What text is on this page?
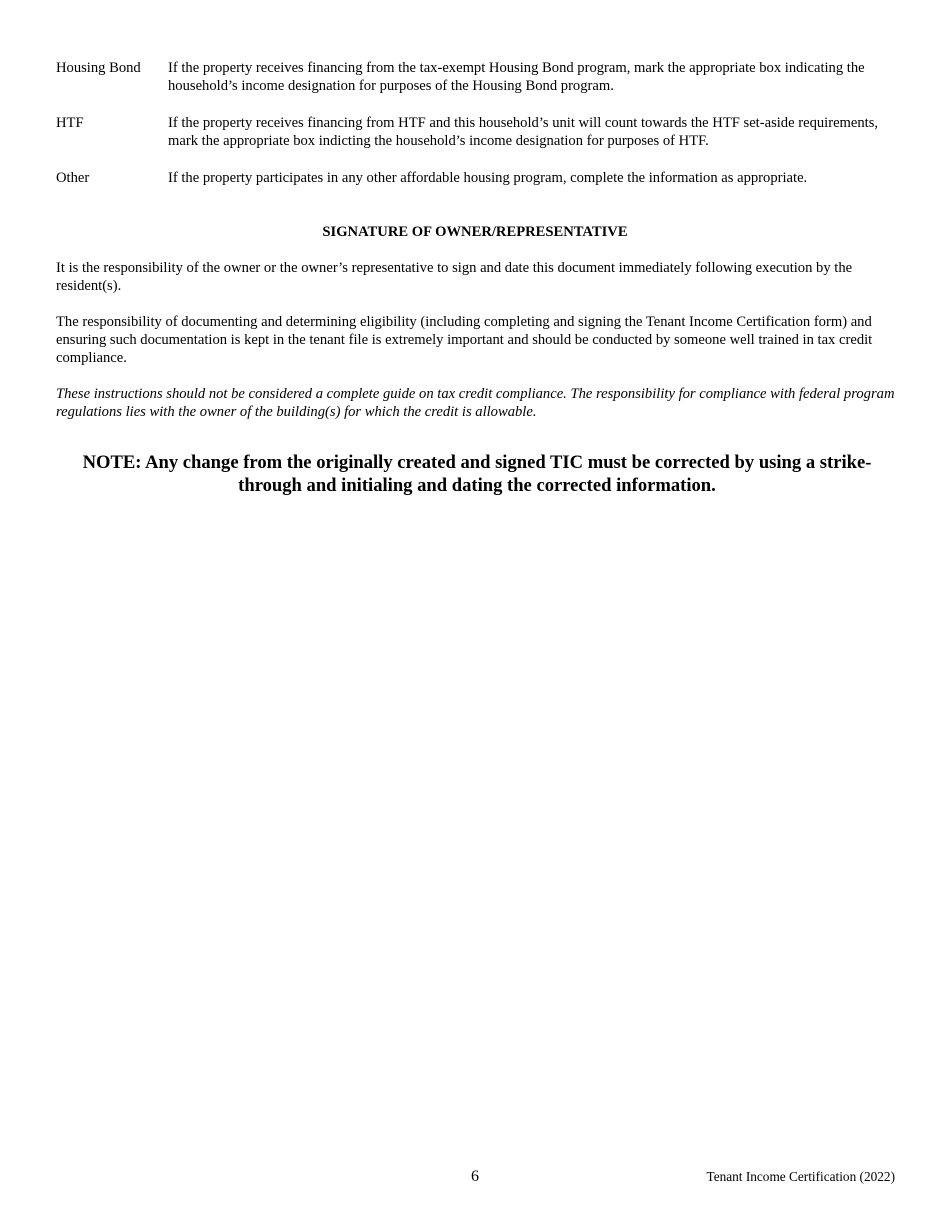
Housing Bond	If the property receives financing from the tax-exempt Housing Bond program, mark the appropriate box indicating the household’s income designation for purposes of the Housing Bond program.
HTF	If the property receives financing from HTF and this household’s unit will count towards the HTF set-aside requirements, mark the appropriate box indicting the household’s income designation for purposes of HTF.
Other	If the property participates in any other affordable housing program, complete the information as appropriate.
SIGNATURE OF OWNER/REPRESENTATIVE
It is the responsibility of the owner or the owner’s representative to sign and date this document immediately following execution by the resident(s).
The responsibility of documenting and determining eligibility (including completing and signing the Tenant Income Certification form) and ensuring such documentation is kept in the tenant file is extremely important and should be conducted by someone well trained in tax credit compliance.
These instructions should not be considered a complete guide on tax credit compliance. The responsibility for compliance with federal program regulations lies with the owner of the building(s) for which the credit is allowable.
NOTE: Any change from the originally created and signed TIC must be corrected by using a strike-through and initialing and dating the corrected information.
6	Tenant Income Certification (2022)
